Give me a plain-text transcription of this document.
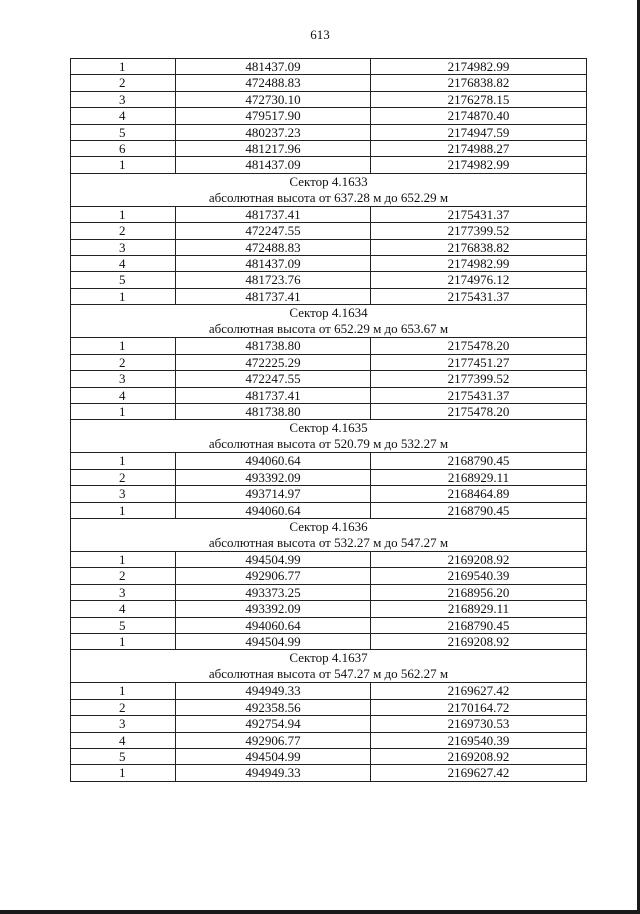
613
1	481437.09	2174982.99
2	472488.83	2176838.82
3	472730.10	2176278.15
4	479517.90	2174870.40
5	480237.23	2174947.59
6	481217.96	2174988.27
1	481437.09	2174982.99

Сектор 4.1633
абсолютная высота от 637.28 м до 652.29 м		

1	481737.41	2175431.37
2	472247.55	2177399.52
3	472488.83	2176838.82
4	481437.09	2174982.99
5	481723.76	2174976.12
1	481737.41	2175431.37

Сектор 4.1634
абсолютная высота от 652.29 м до 653.67 м		

1	481738.80	2175478.20
2	472225.29	2177451.27
3	472247.55	2177399.52
4	481737.41	2175431.37
1	481738.80	2175478.20

Сектор 4.1635
абсолютная высота от 520.79 м до 532.27 м		

1	494060.64	2168790.45
2	493392.09	2168929.11
3	493714.97	2168464.89
1	494060.64	2168790.45

Сектор 4.1636
абсолютная высота от 532.27 м до 547.27 м		

1	494504.99	2169208.92
2	492906.77	2169540.39
3	493373.25	2168956.20
4	493392.09	2168929.11
5	494060.64	2168790.45
1	494504.99	2169208.92

Сектор 4.1637
абсолютная высота от 547.27 м до 562.27 м		

1	494949.33	2169627.42
2	492358.56	2170164.72
3	492754.94	2169730.53
4	492906.77	2169540.39
5	494504.99	2169208.92
1	494949.33	2169627.42
